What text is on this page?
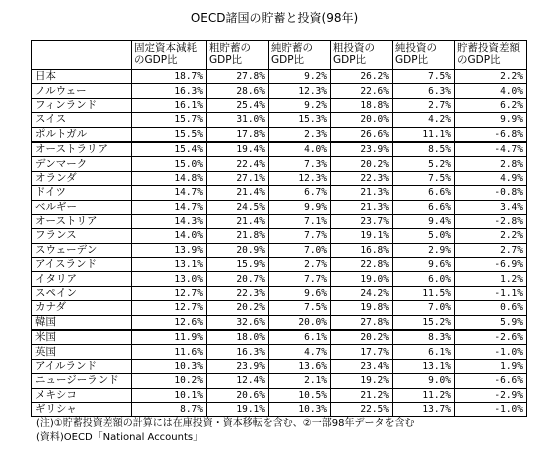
OECD諸国の貯蓄と投資(98年)
	固定資本減耗のGDP比	粗貯蓄のGDP比	純貯蓄のGDP比	粗投資のGDP比	純投資のGDP比	貯蓄投資差額のGDP比
日本	18.7%	27.8%	9.2%	26.2%	7.5%	2.2%
ノルウェー	16.3%	28.6%	12.3%	22.6%	6.3%	4.0%
フィンランド	16.1%	25.4%	9.2%	18.8%	2.7%	6.2%
スイス	15.7%	31.0%	15.3%	20.0%	4.2%	9.9%
ポルトガル	15.5%	17.8%	2.3%	26.6%	11.1%	-6.8%
オーストラリア	15.4%	19.4%	4.0%	23.9%	8.5%	-4.7%
デンマーク	15.0%	22.4%	7.3%	20.2%	5.2%	2.8%
オランダ	14.8%	27.1%	12.3%	22.3%	7.5%	4.9%
ドイツ	14.7%	21.4%	6.7%	21.3%	6.6%	-0.8%
ベルギー	14.7%	24.5%	9.9%	21.3%	6.6%	3.4%
オーストリア	14.3%	21.4%	7.1%	23.7%	9.4%	-2.8%
フランス	14.0%	21.8%	7.7%	19.1%	5.0%	2.2%
スウェーデン	13.9%	20.9%	7.0%	16.8%	2.9%	2.7%
アイスランド	13.1%	15.9%	2.7%	22.8%	9.6%	-6.9%
イタリア	13.0%	20.7%	7.7%	19.0%	6.0%	1.2%
スペイン	12.7%	22.3%	9.6%	24.2%	11.5%	-1.1%
カナダ	12.7%	20.2%	7.5%	19.8%	7.0%	0.6%
韓国	12.6%	32.6%	20.0%	27.8%	15.2%	5.9%
米国	11.9%	18.0%	6.1%	20.2%	8.3%	-2.6%
英国	11.6%	16.3%	4.7%	17.7%	6.1%	-1.0%
アイルランド	10.3%	23.9%	13.6%	23.4%	13.1%	1.9%
ニュージーランド	10.2%	12.4%	2.1%	19.2%	9.0%	-6.6%
メキシコ	10.1%	20.6%	10.5%	21.2%	11.2%	-2.9%
ギリシャ	8.7%	19.1%	10.3%	22.5%	13.7%	-1.0%
(注)①貯蓄投資差額の計算には在庫投資・資本移転を含む、②一部98年データを含む
(資料)OECD「National Accounts」
